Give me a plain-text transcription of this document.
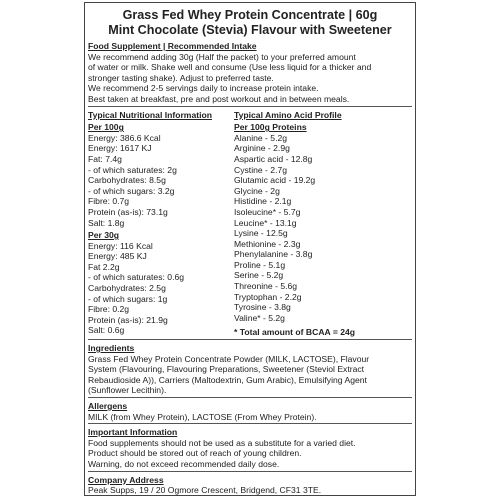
Grass Fed Whey Protein Concentrate | 60g
Mint Chocolate (Stevia) Flavour with Sweetener
Food Supplement | Recommended Intake

We recommend adding 30g (Half the packet) to your preferred amount

of water or milk. Shake well and consume (Use less liquid for a thicker and

stronger tasting shake). Adjust to preferred taste.

We recommend 2-5 servings daily to increase protein intake.

Best taken at breakfast, pre and post workout and in between meals.

Typical Nutritional Information
Per 100g
Energy: 386.6 Kcal
Energy: 1617 KJ
Fat: 7.4g
- of which saturates: 2g
Carbohydrates: 8.5g
- of which sugars: 3.2g
Fibre: 0.7g
Protein (as-is): 73.1g
Salt: 1.8g
Per 30g
Energy: 116 Kcal
Energy: 485 KJ
Fat 2.2g
- of which saturates: 0.6g
Carbohydrates: 2.5g
- of which sugars: 1g
Fibre: 0.2g
Protein (as-is): 21.9g
Salt: 0.6g
Typical Amino Acid Profile
Per 100g Proteins
Alanine - 5.2g
Arginine - 2.9g
Aspartic acid - 12.8g
Cystine - 2.7g
Glutamic acid - 19.2g
Glycine - 2g
Histidine - 2.1g
Isoleucine* - 5.7g
Leucine* - 13.1g
Lysine - 12.5g
Methionine - 2.3g
Phenylalanine - 3.8g
Proline - 5.1g
Serine - 5.2g
Threonine - 5.6g
Tryptophan - 2.2g
Tyrosine - 3.8g
Valine* - 5.2g
* Total amount of BCAA = 24g
Ingredients

Grass Fed Whey Protein Concentrate Powder (MILK, LACTOSE), Flavour

System (Flavouring, Flavouring Preparations, Sweetener (Steviol Extract

Rebaudioside A)), Carriers (Maltodextrin, Gum Arabic), Emulsifying Agent

(Sunflower Lecithin).

Allergens

MILK (from Whey Protein), LACTOSE (From Whey Protein).

Important Information

Food supplements should not be used as a substitute for a varied diet.

Product should be stored out of reach of young children.

Warning, do not exceed recommended daily dose.

Company Address

Peak Supps, 19 / 20 Ogmore Crescent, Bridgend, CF31 3TE.
